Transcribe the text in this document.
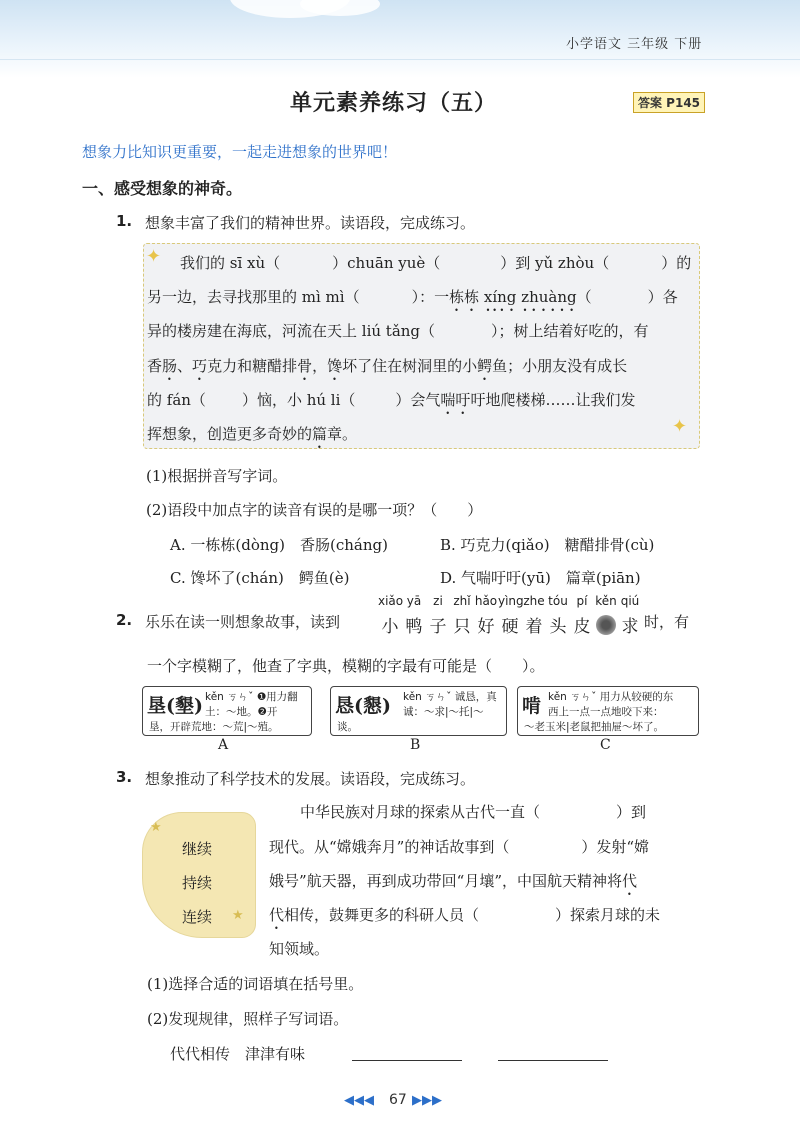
小学语文 三年级 下册
单元素养练习（五）	答案 P145
想象力比知识更重要，一起走进想象的世界吧！
一、感受想象的神奇。
1. 想象丰富了我们的精神世界。读语段，完成练习。
✦
✦
我们的 sī xù（	）chuān yuè（	）到 yǔ zhòu（	）的
另一边，去寻找那里的 mì mì（	）：一栋栋 xíng zhuàng（	）各
异的楼房建在海底，河流在天上 liú tǎng（	）；树上结着好吃的，有
香肠、巧克力和糖醋排骨，馋坏了住在树洞里的小鳄鱼；小朋友没有成长
的 fán（ ）恼，小 hú li（	）会气喘吁吁地爬楼梯……让我们发
挥想象，创造更多奇妙的篇章。
(1)根据拼音写字词。
(2)语段中加点字的读音有误的是哪一项？（　　）
A. 一栋栋(dòng)　香肠(cháng)	B. 巧克力(qiǎo)　糖醋排骨(cù)
C. 馋坏了(chán)　鳄鱼(è)	D. 气喘吁吁(yū)　篇章(piān)
2. 乐乐在读一则想象故事，读到
xiǎo yā zi zhǐ hǎo yìng zhe tóu pí kěn qiú
小 鸭 子 只 好 硬 着 头 皮 求 时，有
一个字模糊了，他查了字典，模糊的字最有可能是（　　）。
垦(墾) kěn ㄎㄣˇ ❶用力翻
土：～地。❷开
垦，开辟荒地：～荒|～殖。
A
恳(懇) kěn ㄎㄣˇ 诚恳，真
诚：～求|～托|～
谈。
B
啃 kěn ㄎㄣˇ 用力从较硬的东
西上一点一点地咬下来：
～老玉米|老鼠把抽屉～坏了。
C
3. 想象推动了科学技术的发展。读语段，完成练习。
★
★
继续
持续
连续
中华民族对月球的探索从古代一直（	）到
现代。从“嫦娥奔月”的神话故事到（	）发射“嫦
娥号”航天器，再到成功带回“月壤”，中国航天精神将代
代相传，鼓舞更多的科研人员（	）探索月球的未
知领域。
(1)选择合适的词语填在括号里。
(2)发现规律，照样子写词语。
代代相传　津津有味
◀◀◀ 67 ▶▶▶
